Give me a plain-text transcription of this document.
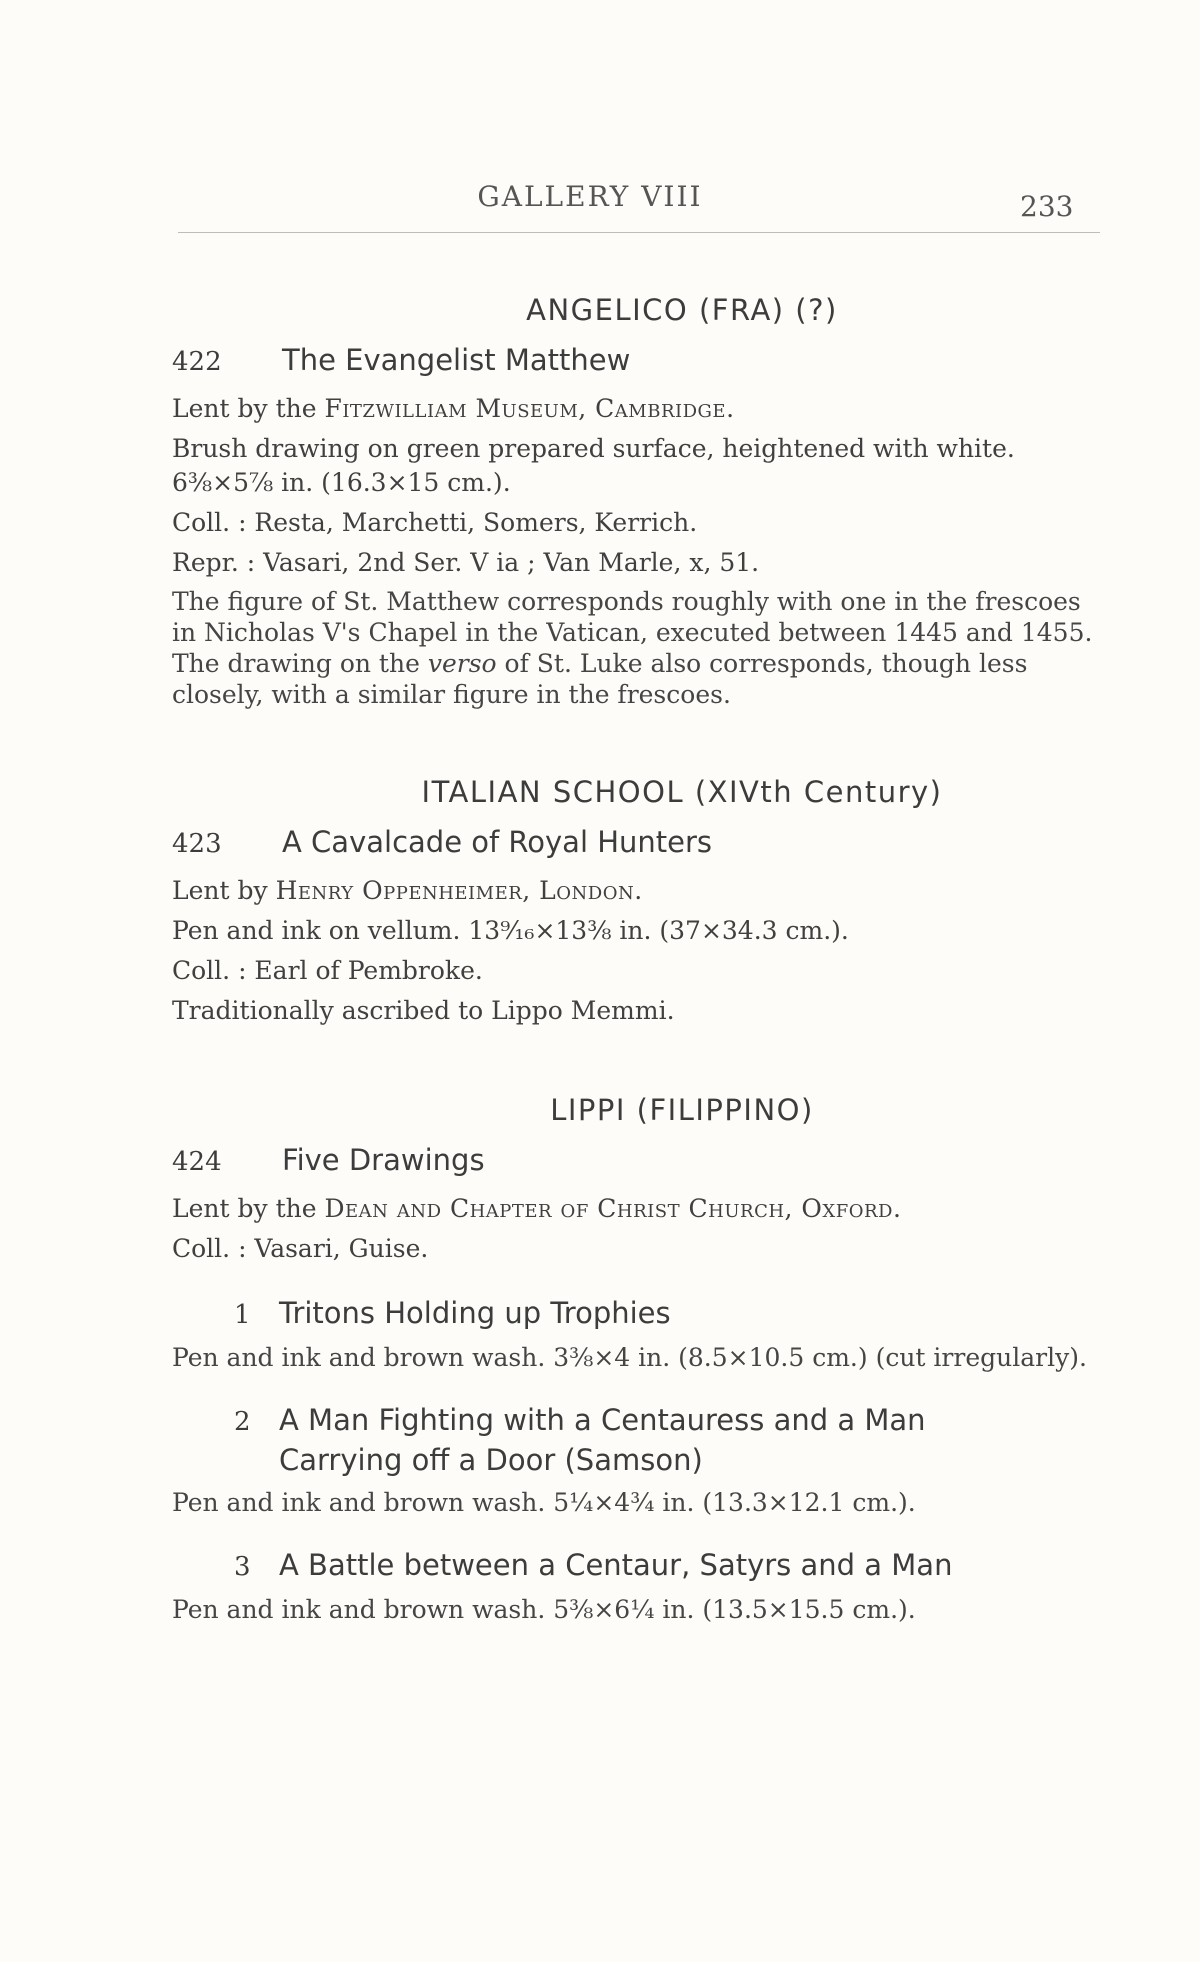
GALLERY VIII	233
ANGELICO (FRA) (?)
422 The Evangelist Matthew
Lent by the Fitzwilliam Museum, Cambridge.
Brush drawing on green prepared surface, heightened with white.
6⅜×5⅞ in. (16.3×15 cm.).
Coll. : Resta, Marchetti, Somers, Kerrich.
Repr. : Vasari, 2nd Ser. V ia ; Van Marle, x, 51.

The figure of St. Matthew corresponds roughly with one in the frescoes in Nicholas V's Chapel in the Vatican, executed between 1445 and 1455. The drawing on the verso of St. Luke also corresponds, though less closely, with a similar figure in the frescoes.

ITALIAN SCHOOL (XIVth Century)
423 A Cavalcade of Royal Hunters
Lent by Henry Oppenheimer, London.
Pen and ink on vellum. 13⁹⁄₁₆×13⅜ in. (37×34.3 cm.).
Coll. : Earl of Pembroke.
Traditionally ascribed to Lippo Memmi.
LIPPI (FILIPPINO)
424 Five Drawings
Lent by the Dean and Chapter of Christ Church, Oxford.
Coll. : Vasari, Guise.
1 Tritons Holding up Trophies

Pen and ink and brown wash. 3⅜×4 in. (8.5×10.5 cm.) (cut irregularly).

2 A Man Fighting with a Centauress and a Man
Carrying off a Door (Samson)

Pen and ink and brown wash. 5¼×4¾ in. (13.3×12.1 cm.).

3 A Battle between a Centaur, Satyrs and a Man

Pen and ink and brown wash. 5⅜×6¼ in. (13.5×15.5 cm.).
